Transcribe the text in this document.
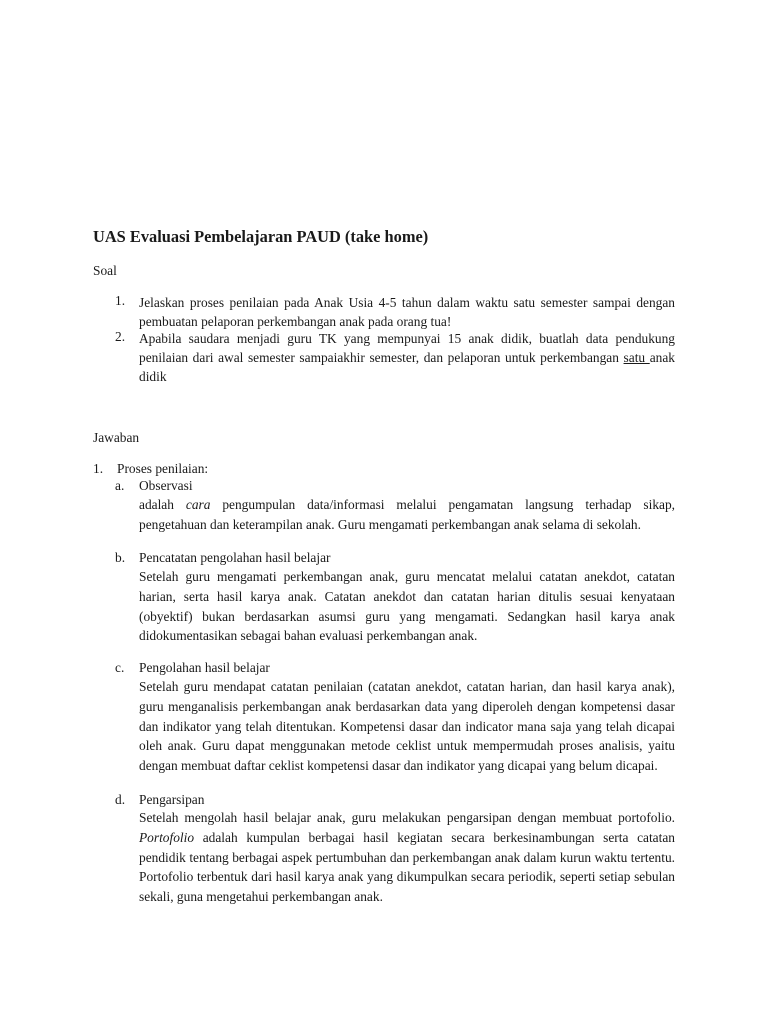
UAS Evaluasi Pembelajaran PAUD (take home)
Soal
1. Jelaskan proses penilaian pada Anak Usia 4-5 tahun dalam waktu satu semester sampai dengan pembuatan pelaporan perkembangan anak pada orang tua!
2. Apabila saudara menjadi guru TK yang mempunyai 15 anak didik, buatlah data pendukung penilaian dari awal semester sampaiakhir semester, dan pelaporan untuk perkembangan satu anak didik
Jawaban
1. Proses penilaian:
a. Observasi
adalah cara pengumpulan data/informasi melalui pengamatan langsung terhadap sikap, pengetahuan dan keterampilan anak. Guru mengamati perkembangan anak selama di sekolah.
b. Pencatatan pengolahan hasil belajar
Setelah guru mengamati perkembangan anak, guru mencatat melalui catatan anekdot, catatan harian, serta hasil karya anak. Catatan anekdot dan catatan harian ditulis sesuai kenyataan (obyektif) bukan berdasarkan asumsi guru yang mengamati. Sedangkan hasil karya anak didokumentasikan sebagai bahan evaluasi perkembangan anak.
c. Pengolahan hasil belajar
Setelah guru mendapat catatan penilaian (catatan anekdot, catatan harian, dan hasil karya anak), guru menganalisis perkembangan anak berdasarkan data yang diperoleh dengan kompetensi dasar dan indikator yang telah ditentukan. Kompetensi dasar dan indicator mana saja yang telah dicapai oleh anak. Guru dapat menggunakan metode ceklist untuk mempermudah proses analisis, yaitu dengan membuat daftar ceklist kompetensi dasar dan indikator yang dicapai yang belum dicapai.
d. Pengarsipan
Setelah mengolah hasil belajar anak, guru melakukan pengarsipan dengan membuat portofolio. Portofolio adalah kumpulan berbagai hasil kegiatan secara berkesinambungan serta catatan pendidik tentang berbagai aspek pertumbuhan dan perkembangan anak dalam kurun waktu tertentu. Portofolio terbentuk dari hasil karya anak yang dikumpulkan secara periodik, seperti setiap sebulan sekali, guna mengetahui perkembangan anak.
